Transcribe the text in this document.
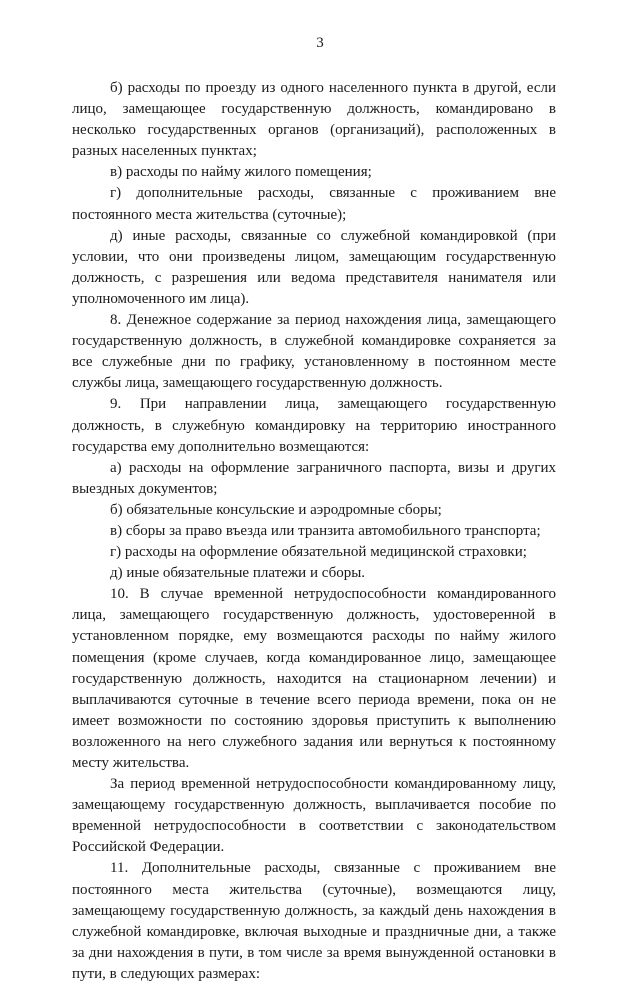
3

б) расходы по проезду из одного населенного пункта в другой, если лицо, замещающее государственную должность, командировано в несколько государственных органов (организаций), расположенных в разных населенных пунктах;

в) расходы по найму жилого помещения;

г) дополнительные расходы, связанные с проживанием вне постоянного места жительства (суточные);

д) иные расходы, связанные со служебной командировкой (при условии, что они произведены лицом, замещающим государственную должность, с разрешения или ведома представителя нанимателя или уполномоченного им лица).

8. Денежное содержание за период нахождения лица, замещающего государственную должность, в служебной командировке сохраняется за все служебные дни по графику, установленному в постоянном месте службы лица, замещающего государственную должность.

9. При направлении лица, замещающего государственную должность, в служебную командировку на территорию иностранного государства ему дополнительно возмещаются:

а) расходы на оформление заграничного паспорта, визы и других выездных документов;

б) обязательные консульские и аэродромные сборы;

в) сборы за право въезда или транзита автомобильного транспорта;

г) расходы на оформление обязательной медицинской страховки;

д) иные обязательные платежи и сборы.

10. В случае временной нетрудоспособности командированного лица, замещающего государственную должность, удостоверенной в установленном порядке, ему возмещаются расходы по найму жилого помещения (кроме случаев, когда командированное лицо, замещающее государственную должность, находится на стационарном лечении) и выплачиваются суточные в течение всего периода времени, пока он не имеет возможности по состоянию здоровья приступить к выполнению возложенного на него служебного задания или вернуться к постоянному месту жительства.

За период временной нетрудоспособности командированному лицу, замещающему государственную должность, выплачивается пособие по временной нетрудоспособности в соответствии с законодательством Российской Федерации.

11. Дополнительные расходы, связанные с проживанием вне постоянного места жительства (суточные), возмещаются лицу, замещающему государственную должность, за каждый день нахождения в служебной командировке, включая выходные и праздничные дни, а также за дни нахождения в пути, в том числе за время вынужденной остановки в пути, в следующих размерах:
